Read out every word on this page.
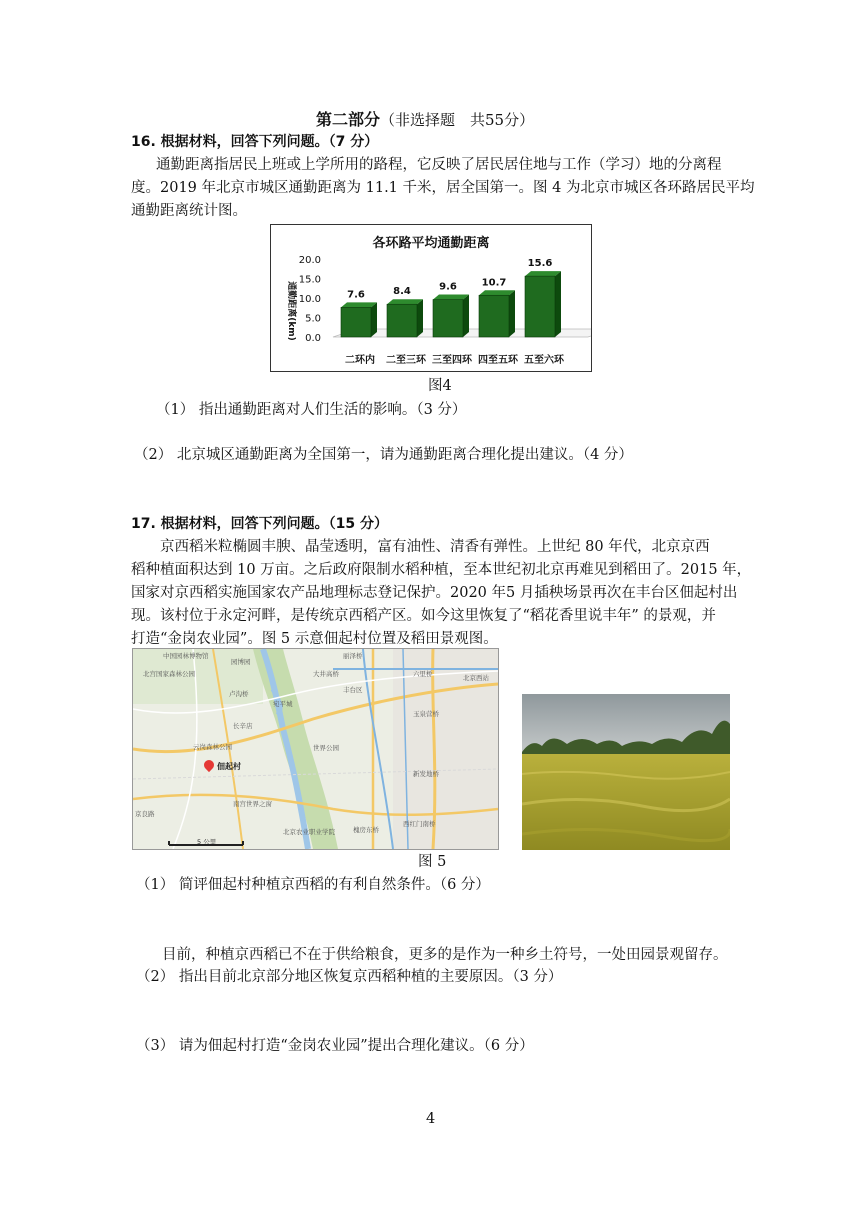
第二部分（非选择题　共55分）
16. 根据材料，回答下列问题。（7 分）
通勤距离指居民上班或上学所用的路程，它反映了居民居住地与工作（学习）地的分离程
度。2019 年北京市城区通勤距离为 11.1 千米，居全国第一。图 4 为北京市城区各环路居民平均
通勤距离统计图。
各环路平均通勤距离
通勤距离(km)
20.0
15.0
10.0
5.0
0.0
7.6
二环内
8.4
二至三环
9.6
三至四环
10.7
四至五环
15.6
五至六环
图4
（1） 指出通勤距离对人们生活的影响。（3 分）
（2） 北京城区通勤距离为全国第一，请为通勤距离合理化提出建议。（4 分）
17. 根据材料，回答下列问题。（15 分）
京西稻米粒椭圆丰腴、晶莹透明，富有油性、清香有弹性。上世纪 80 年代，北京京西
稻种植面积达到 10 万亩。之后政府限制水稻种植，至本世纪初北京再难见到稻田了。2015 年，
国家对京西稻实施国家农产品地理标志登记保护。2020 年5 月插秧场景再次在丰台区佃起村出
现。该村位于永定河畔，是传统京西稻产区。如今这里恢复了“稻花香里说丰年” 的景观，并
打造“金岗农业园”。图 5 示意佃起村位置及稻田景观图。
佃起村
中国园林博物馆
北宫国家森林公园
园博园
北京西站
大井高桥
丽泽桥
六里桥
宛平城
丰台区
玉泉营桥
卢沟桥
长辛店
云岗森林公园	世界公园
新发地桥
南宫世界之窗
京良路
槐房东桥
西红门南桥
北京农业职业学院
5 公里
图 5
（1） 简评佃起村种植京西稻的有利自然条件。（6 分）
目前，种植京西稻已不在于供给粮食，更多的是作为一种乡土符号，一处田园景观留存。
（2） 指出目前北京部分地区恢复京西稻种植的主要原因。（3 分）
（3） 请为佃起村打造“金岗农业园”提出合理化建议。（6 分）
4
